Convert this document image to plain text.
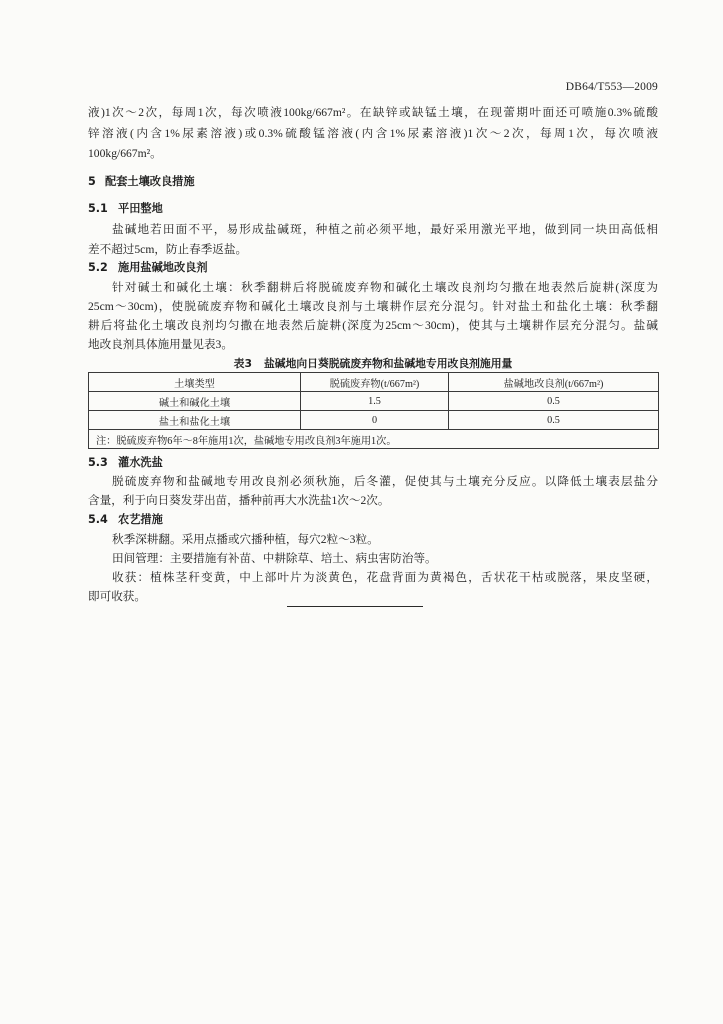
DB64/T553—2009
液)1次～2次，每周1次，每次喷液100kg/667m²。在缺锌或缺锰土壤，在现蕾期叶面还可喷施0.3%硫酸
锌溶液(内含1%尿素溶液)或0.3%硫酸锰溶液(内含1%尿素溶液)1次～2次，每周1次，每次喷液
100kg/667m²。
5 配套土壤改良措施
5.1 平田整地
盐碱地若田面不平，易形成盐碱斑，种植之前必须平地，最好采用激光平地，做到同一块田高低相
差不超过5cm，防止春季返盐。
5.2 施用盐碱地改良剂
针对碱土和碱化土壤：秋季翻耕后将脱硫废弃物和碱化土壤改良剂均匀撒在地表然后旋耕(深度为
25cm～30cm)，使脱硫废弃物和碱化土壤改良剂与土壤耕作层充分混匀。针对盐土和盐化土壤：秋季翻
耕后将盐化土壤改良剂均匀撒在地表然后旋耕(深度为25cm～30cm)，使其与土壤耕作层充分混匀。盐碱
地改良剂具体施用量见表3。
表3 盐碱地向日葵脱硫废弃物和盐碱地专用改良剂施用量
土壤类型	脱硫废弃物(t/667m²)	盐碱地改良剂(t/667m²)
碱土和碱化土壤	1.5	0.5
盐土和盐化土壤	0	0.5
注：脱硫废弃物6年～8年施用1次，盐碱地专用改良剂3年施用1次。		
5.3 灌水洗盐
脱硫废弃物和盐碱地专用改良剂必须秋施，后冬灌，促使其与土壤充分反应。以降低土壤表层盐分
含量，利于向日葵发芽出苗，播种前再大水洗盐1次～2次。
5.4 农艺措施
秋季深耕翻。采用点播或穴播种植，每穴2粒～3粒。
田间管理：主要措施有补苗、中耕除草、培土、病虫害防治等。
收获：植株茎秆变黄，中上部叶片为淡黄色，花盘背面为黄褐色，舌状花干枯或脱落，果皮坚硬，
即可收获。
